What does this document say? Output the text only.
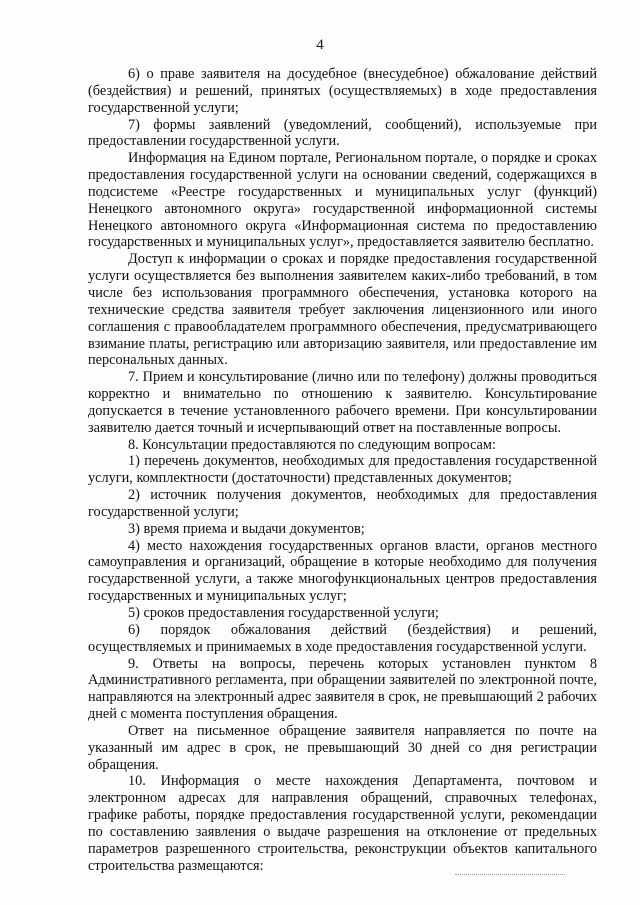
4

6) о праве заявителя на досудебное (внесудебное) обжалование действий (бездействия) и решений, принятых (осуществляемых) в ходе предоставления государственной услуги;

7) формы заявлений (уведомлений, сообщений), используемые при предоставлении государственной услуги.

Информация на Едином портале, Региональном портале, о порядке и сроках предоставления государственной услуги на основании сведений, содержащихся в подсистеме «Реестре государственных и муниципальных услуг (функций) Ненецкого автономного округа» государственной информационной системы Ненецкого автономного округа «Информационная система по предоставлению государственных и муниципальных услуг», предоставляется заявителю бесплатно.

Доступ к информации о сроках и порядке предоставления государственной услуги осуществляется без выполнения заявителем каких-либо требований, в том числе без использования программного обеспечения, установка которого на технические средства заявителя требует заключения лицензионного или иного соглашения с правообладателем программного обеспечения, предусматривающего взимание платы, регистрацию или авторизацию заявителя, или предоставление им персональных данных.

7. Прием и консультирование (лично или по телефону) должны проводиться корректно и внимательно по отношению к заявителю. Консультирование допускается в течение установленного рабочего времени. При консультировании заявителю дается точный и исчерпывающий ответ на поставленные вопросы.

8. Консультации предоставляются по следующим вопросам:

1) перечень документов, необходимых для предоставления государственной услуги, комплектности (достаточности) представленных документов;

2) источник получения документов, необходимых для предоставления государственной услуги;

3) время приема и выдачи документов;

4) место нахождения государственных органов власти, органов местного самоуправления и организаций, обращение в которые необходимо для получения государственной услуги, а также многофункциональных центров предоставления государственных и муниципальных услуг;

5) сроков предоставления государственной услуги;

6) порядок обжалования действий (бездействия) и решений, осуществляемых и принимаемых в ходе предоставления государственной услуги.

9. Ответы на вопросы, перечень которых установлен пунктом 8 Административного регламента, при обращении заявителей по электронной почте, направляются на электронный адрес заявителя в срок, не превышающий 2 рабочих дней с момента поступления обращения.

Ответ на письменное обращение заявителя направляется по почте на указанный им адрес в срок, не превышающий 30 дней со дня регистрации обращения.

10. Информация о месте нахождения Департамента, почтовом и электронном адресах для направления обращений, справочных телефонах, графике работы, порядке предоставления государственной услуги, рекомендации по составлению заявления о выдаче разрешения на отклонение от предельных параметров разрешенного строительства, реконструкции объектов капитального строительства размещаются:
